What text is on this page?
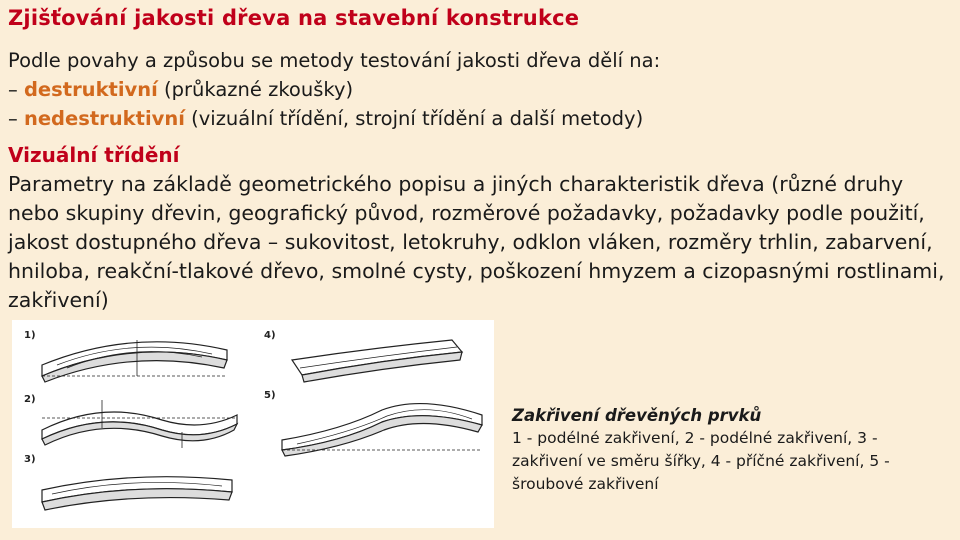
Zjišťování jakosti dřeva na stavební konstrukce
Podle povahy a způsobu se metody testování jakosti dřeva dělí na:
– destruktivní (průkazné zkoušky)
– nedestruktivní (vizuální třídění, strojní třídění a další metody)
Vizuální třídění
Parametry na základě geometrického popisu a jiných charakteristik dřeva (různé druhy nebo skupiny dřevin, geografický původ, rozměrové požadavky, požadavky podle použití, jakost dostupného dřeva – sukovitost, letokruhy, odklon vláken, rozměry trhlin, zabarvení, hniloba, reakční-tlakové dřevo, smolné cysty, poškození hmyzem a cizopasnými rostlinami, zakřivení)
1)
2)
3)
4)
5)
Zakřivení dřevěných prvků
1 - podélné zakřivení, 2 - podélné zakřivení, 3 - zakřivení ve směru šířky, 4 - příčné zakřivení, 5 - šroubové zakřivení
